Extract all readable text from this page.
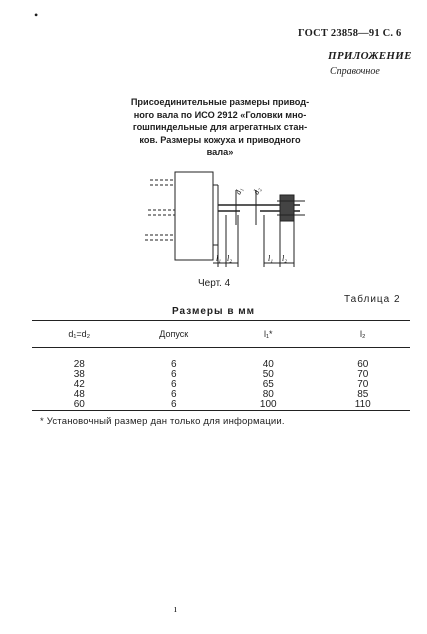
•
ГОСТ 23858—91 С. 6
ПРИЛОЖЕНИЕ
Справочное
Присоединительные размеры привод-
ного вала по ИСО 2912 «Головки мно-
гошпиндельные для агрегатных стан-
ков. Размеры кожуха и приводного
вала»
d₁ d₂
l₁ l₂	l₁ l₂
Черт. 4
Таблица 2
Размеры в мм
d₁=d₂	Допуск	l₁*	l₂
28	6	40	60
38	6	50	70
42	6	65	70
48	6	80	85
60	6	100	110
* Установочный размер дан только для информации.
ı
